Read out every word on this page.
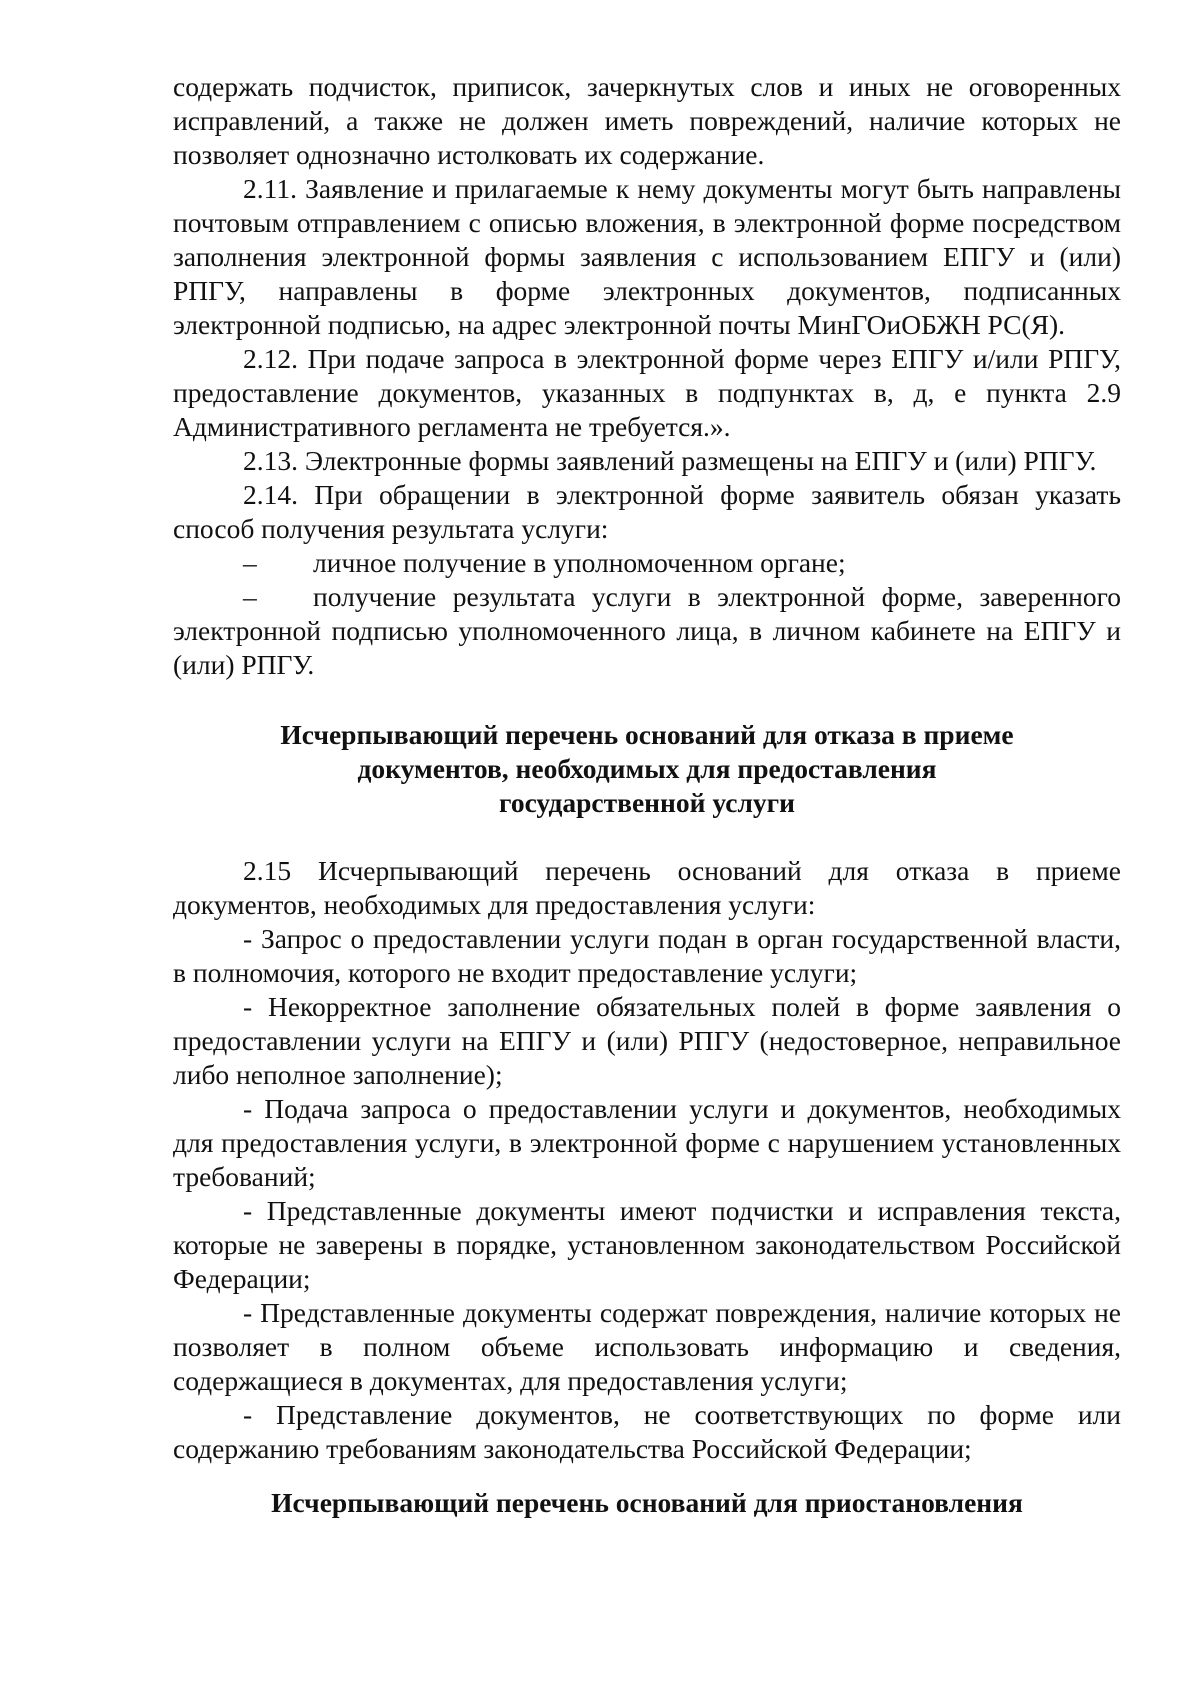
содержать подчисток, приписок, зачеркнутых слов и иных не оговоренных исправлений, а также не должен иметь повреждений, наличие которых не позволяет однозначно истолковать их содержание.

2.11. Заявление и прилагаемые к нему документы могут быть направлены почтовым отправлением с описью вложения, в электронной форме посредством заполнения электронной формы заявления с использованием ЕПГУ и (или) РПГУ, направлены в форме электронных документов, подписанных электронной подписью, на адрес электронной почты МинГОиОБЖН РС(Я).

2.12. При подаче запроса в электронной форме через ЕПГУ и/или РПГУ, предоставление документов, указанных в подпунктах в, д, е пункта 2.9 Административного регламента не требуется.».

2.13. Электронные формы заявлений размещены на ЕПГУ и (или) РПГУ.

2.14. При обращении в электронной форме заявитель обязан указать способ получения результата услуги:

– личное получение в уполномоченном органе;

– получение результата услуги в электронной форме, заверенного электронной подписью уполномоченного лица, в личном кабинете на ЕПГУ и (или) РПГУ.

Исчерпывающий перечень оснований для отказа в приеме
документов, необходимых для предоставления
государственной услуги

2.15 Исчерпывающий перечень оснований для отказа в приеме документов, необходимых для предоставления услуги:

- Запрос о предоставлении услуги подан в орган государственной власти, в полномочия, которого не входит предоставление услуги;

- Некорректное заполнение обязательных полей в форме заявления о предоставлении услуги на ЕПГУ и (или) РПГУ (недостоверное, неправильное либо неполное заполнение);

- Подача запроса о предоставлении услуги и документов, необходимых для предоставления услуги, в электронной форме с нарушением установленных требований;

- Представленные документы имеют подчистки и исправления текста, которые не заверены в порядке, установленном законодательством Российской Федерации;

- Представленные документы содержат повреждения, наличие которых не позволяет в полном объеме использовать информацию и сведения, содержащиеся в документах, для предоставления услуги;

- Представление документов, не соответствующих по форме или содержанию требованиям законодательства Российской Федерации;

Исчерпывающий перечень оснований для приостановления
